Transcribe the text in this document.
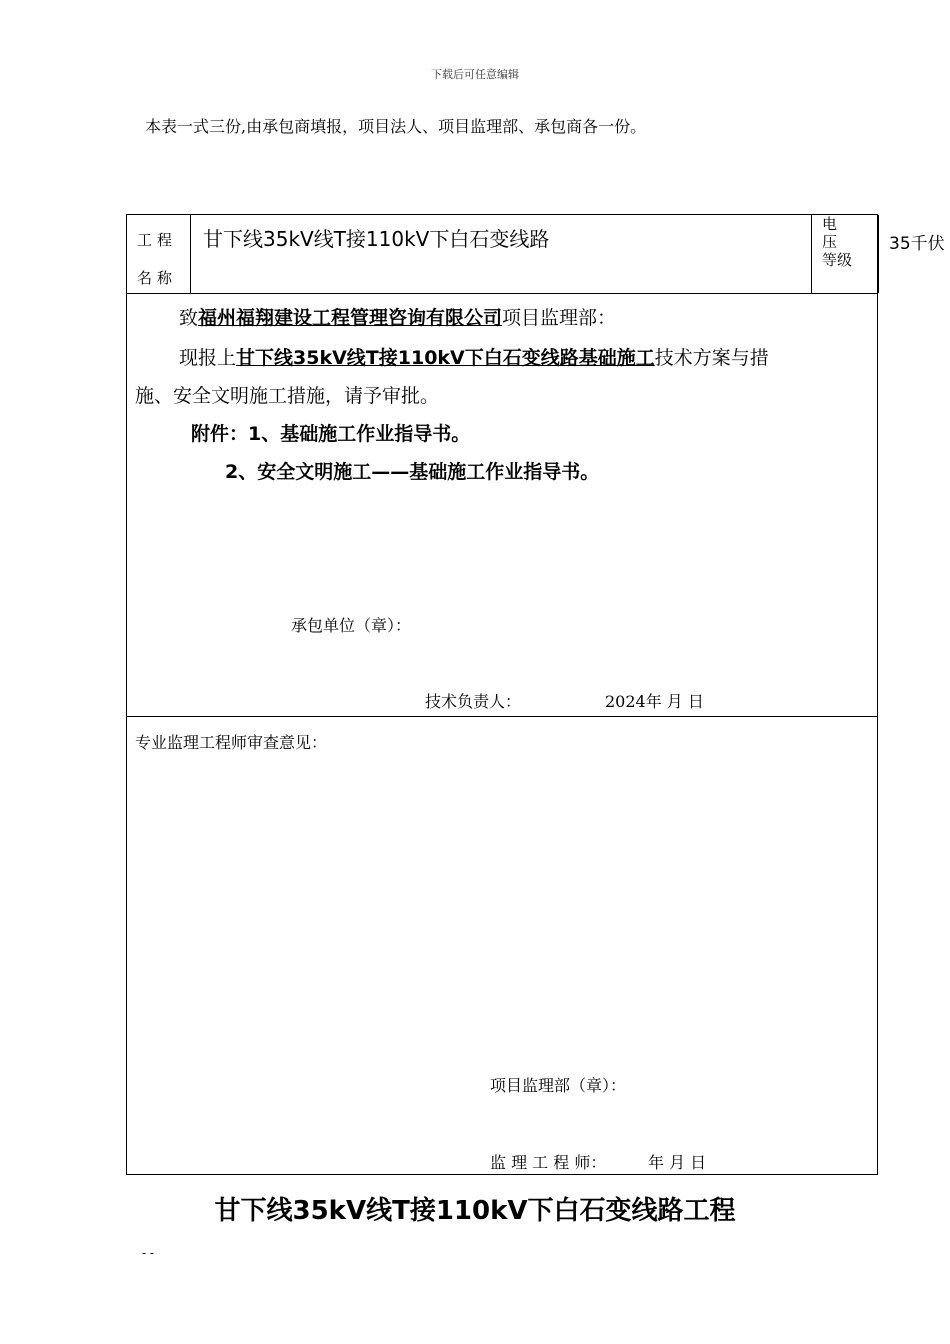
下载后可任意编辑
本表一式三份,由承包商填报，项目法人、项目监理部、承包商各一份。
工程名称
甘下线35kV线T接110kV下白石变线路
电 压
等级
35千伏
致福州福翔建设工程管理咨询有限公司项目监理部：
现报上甘下线35kV线T接110kV下白石变线路基础施工技术方案与措
施、安全文明施工措施，请予审批。
附件：1、基础施工作业指导书。
2、安全文明施工——基础施工作业指导书。
承包单位（章）：
技术负责人：	2024年 月 日
专业监理工程师审查意见：
项目监理部（章）：
监 理 工 程 师：	年 月 日
甘下线35kV线T接110kV下白石变线路工程
- -
